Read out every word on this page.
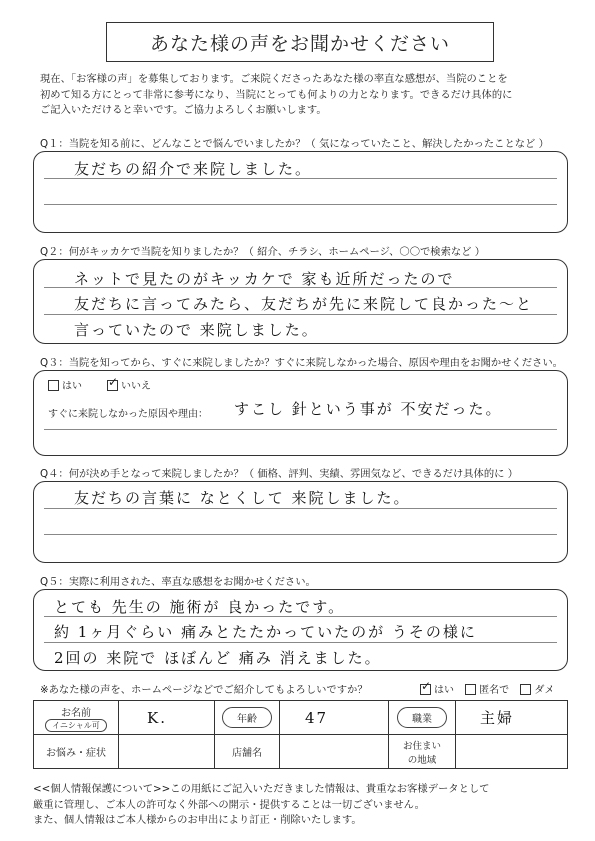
あなた様の声をお聞かせください
現在、「お客様の声」を募集しております。ご来院くださったあなた様の率直な感想が、当院のことを
初めて知る方にとって非常に参考になり、当院にとっても何よりの力となります。できるだけ具体的に
ご記入いただけると幸いです。ご協力よろしくお願いします。
Q１：当院を知る前に、どんなことで悩んでいましたか？（ 気になっていたこと、解決したかったことなど ）
友だちの紹介で来院しました。
Q２：何がキッカケで当院を知りましたか？（ 紹介、チラシ、ホームページ、〇〇で検索など ）
ネットで見たのがキッカケで 家も近所だったので
友だちに言ってみたら、友だちが先に来院して良かった〜と
言っていたので 来院しました。
Q３：当院を知ってから、すぐに来院しましたか？すぐに来院しなかった場合、原因や理由をお聞かせください。
はい ✓ いいえ
すぐに来院しなかった原因や理由： すこし 針という事が 不安だった。
Q４：何が決め手となって来院しましたか？（ 価格、評判、実績、雰囲気など、できるだけ具体的に ）
友だちの言葉に なとくして 来院しました。
Q５：実際に利用された、率直な感想をお聞かせください。
とても 先生の 施術が 良かったです。
約 1ヶ月ぐらい 痛みとたたかっていたのが うその様に
2回の 来院で ほぼんど 痛み 消えました。
※あなた様の声を、ホームページなどでご紹介してもよろしいですか？	✓ はい	匿名で	ダメ
お名前
イニシャル可	K.	年齢	47	職業	主婦
お悩み・症状		店舗名		お住まい
の地域	

<<個人情報保護について>>この用紙にご記入いただきました情報は、貴重なお客様データとして
厳重に管理し、ご本人の許可なく外部への開示・提供することは一切ございません。
また、個人情報はご本人様からのお申出により訂正・削除いたします。
